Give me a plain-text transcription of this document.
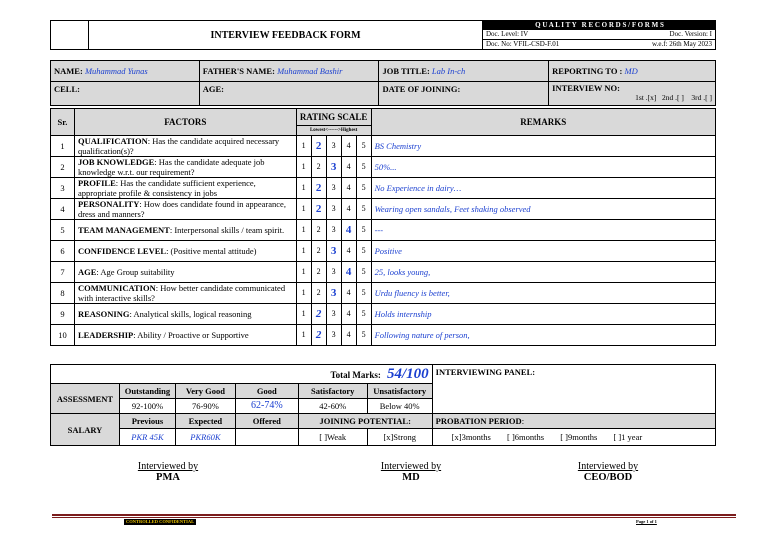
INTERVIEW FEEDBACK FORM
Q U A L I T Y   R E C O R D S / F O R M S
Doc. Level: IV	Doc. Version: I
Doc. No: VFIL-CSD-F.01	w.e.f: 26th May 2023
NAME: Muhammad Yunas	FATHER'S NAME: Muhammad Bashir	JOB TITLE: Lab In-ch	REPORTING TO : MD
CELL:	AGE:	DATE OF JOINING:	INTERVIEW NO:
1st .[x]   2nd .[ ]    3rd .[ ]
Sr.	FACTORS	RATING SCALE					REMARKS
		Lowest<------>Highest					
1	QUALIFICATION: Has the candidate acquired necessary qualification(s)?	1	2	3	4	5	BS Chemistry
2	JOB KNOWLEDGE: Has the candidate adequate job knowledge w.r.t. our requirement?	1	2	3	4	5	50%...
3	PROFILE: Has the candidate sufficient experience, appropriate profile & consistency in jobs	1	2	3	4	5	No Experience in dairy…
4	PERSONALITY: How does candidate found in appearance, dress and manners?	1	2	3	4	5	Wearing open sandals, Feet shaking observed
5	TEAM MANAGEMENT: Interpersonal skills / team spirit.	1	2	3	4	5	---
6	CONFIDENCE LEVEL: (Positive mental attitude)	1	2	3	4	5	Positive
7	AGE: Age Group suitability	1	2	3	4	5	25, looks young,
8	COMMUNICATION: How better candidate communicated with interactive skills?	1	2	3	4	5	Urdu fluency is better,
9	REASONING: Analytical skills, logical reasoning	1	2	3	4	5	Holds internship
10	LEADERSHIP: Ability / Proactive or Supportive	1	2	3	4	5	Following nature of person,
				Total Marks: 54/100		INTERVIEWING PANEL:
ASSESSMENT	Outstanding	Very Good	Good	Satisfactory	Unsatisfactory	
	92-100%	76-90%	62-74%	42-60%	Below 40%	
SALARY	Previous	Expected	Offered	JOINING POTENTIAL:		PROBATION PERIOD:
	PKR 45K	PKR60K		[ ]Weak	[x]Strong	[x]3months [ ]6months [ ]9months [ ]1 year
Interviewed by
PMA
Interviewed by
MD
Interviewed by
CEO/BOD
CONTROLLED CONFIDENTIAL	Page 1 of 1
